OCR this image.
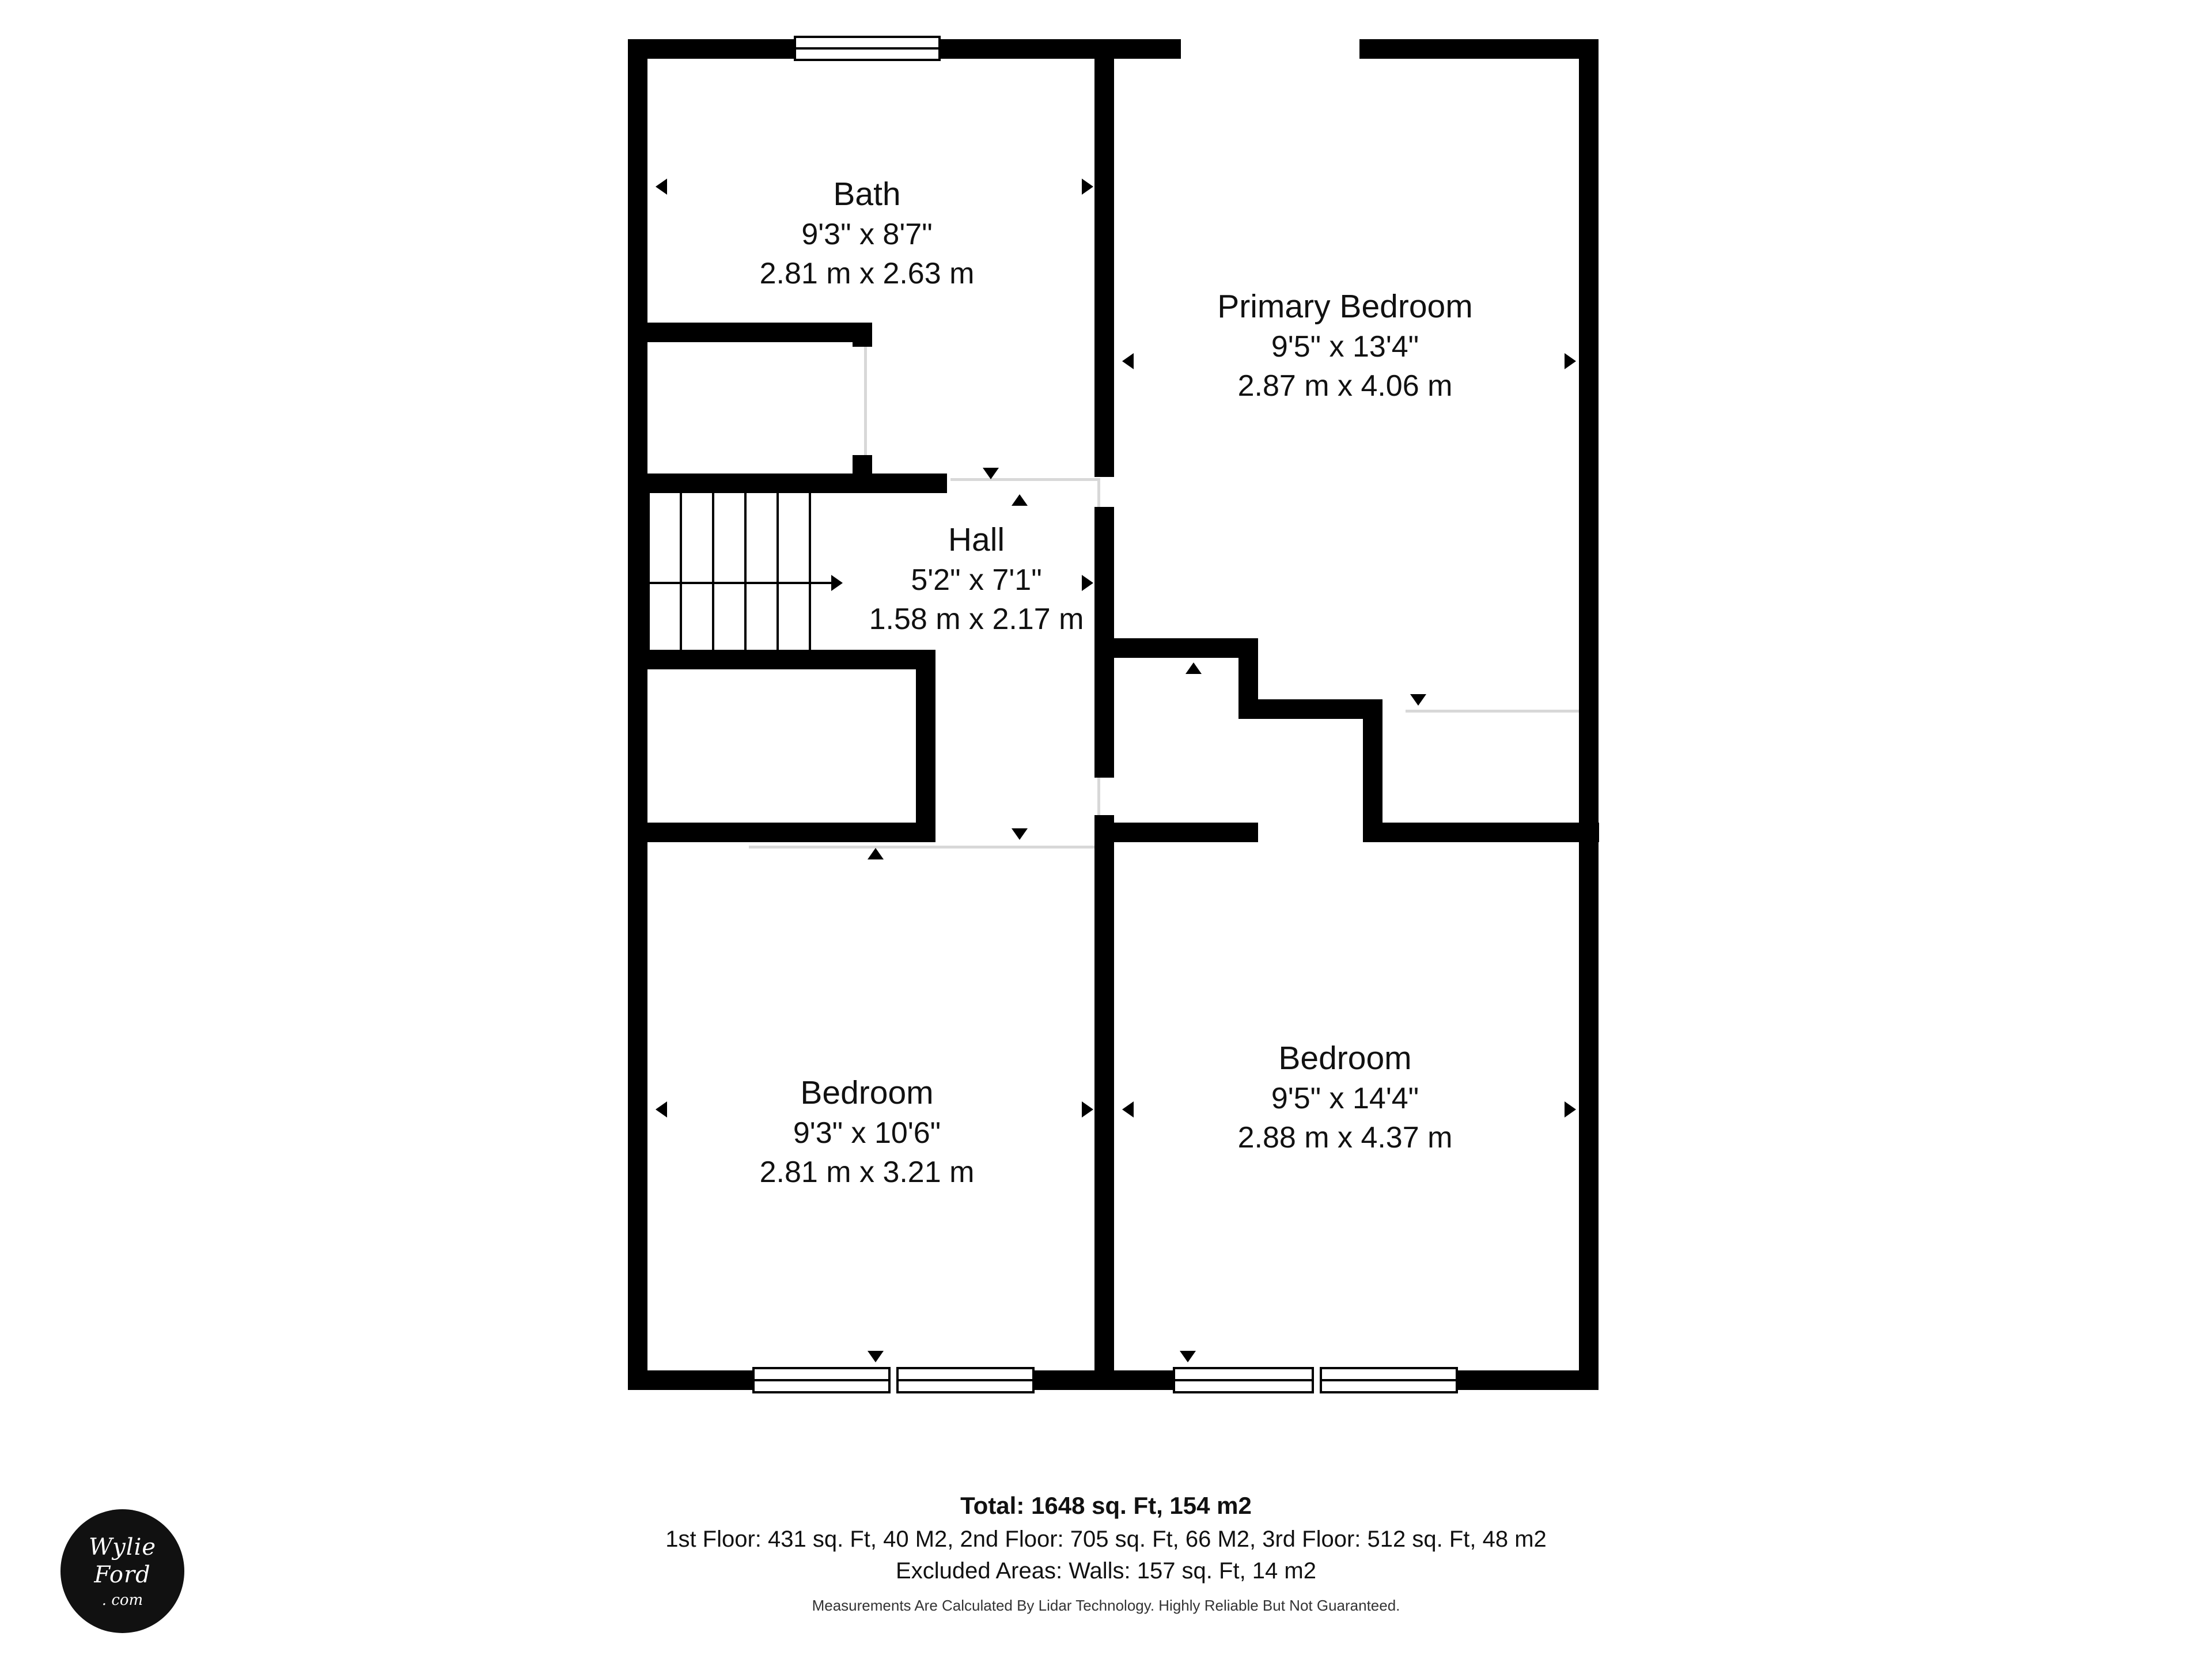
Bath
9'3" x 8'7"
2.81 m x 2.63 m
Primary Bedroom
9'5" x 13'4"
2.87 m x 4.06 m
Hall
5'2" x 7'1"
1.58 m x 2.17 m
Bedroom
9'3" x 10'6"
2.81 m x 3.21 m
Bedroom
9'5" x 14'4"
2.88 m x 4.37 m
Wylie
Ford
. com
Total: 1648 sq. Ft, 154 m2
1st Floor: 431 sq. Ft, 40 M2, 2nd Floor: 705 sq. Ft, 66 M2, 3rd Floor: 512 sq. Ft, 48 m2
Excluded Areas: Walls: 157 sq. Ft, 14 m2
Measurements Are Calculated By Lidar Technology. Highly Reliable But Not Guaranteed.
